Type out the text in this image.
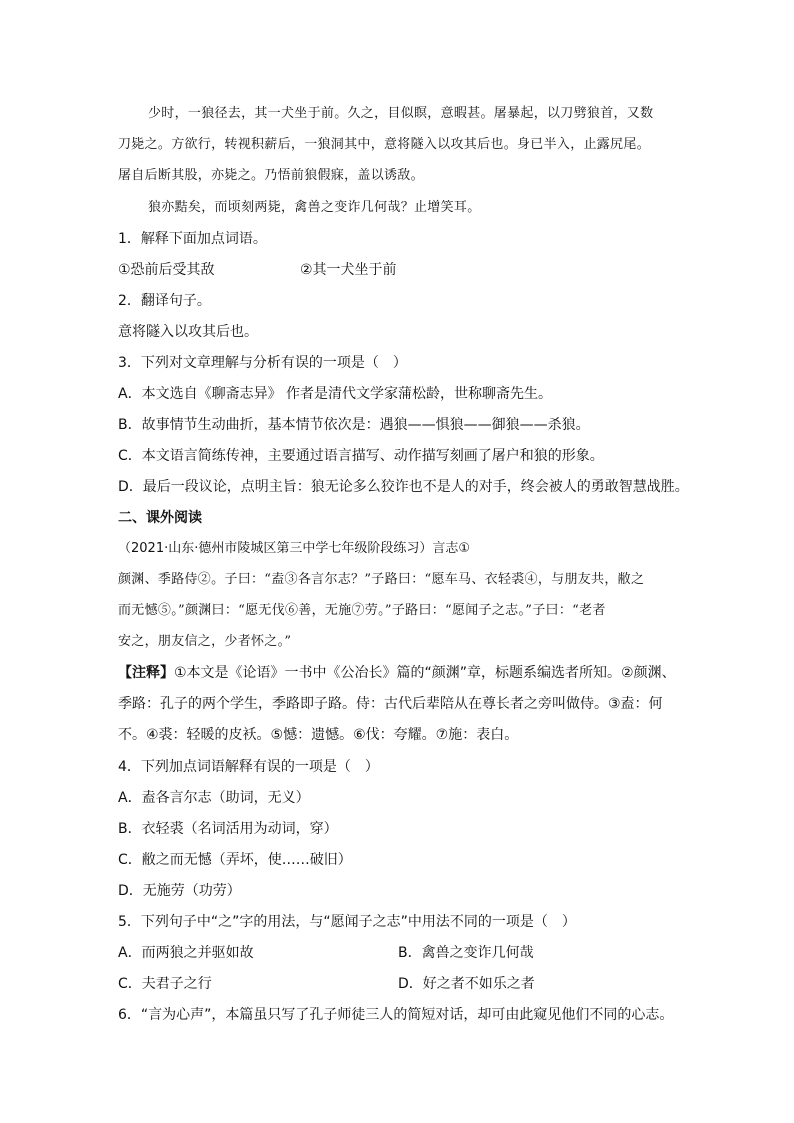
少时，一狼径去，其一犬坐于前。久之，目似瞑，意暇甚。屠暴起，以刀劈狼首，又数
刀毙之。方欲行，转视积薪后，一狼洞其中，意将隧入以攻其后也。身已半入，止露尻尾。
屠自后断其股，亦毙之。乃悟前狼假寐，盖以诱敌。
狼亦黠矣，而顷刻两毙，禽兽之变诈几何哉？止增笑耳。
1．解释下面加点词语。
①恐前后受其敌	②其一犬坐于前
2．翻译句子。
意将隧入以攻其后也。
3．下列对文章理解与分析有误的一项是（　）
A．本文选自《聊斋志异》 作者是清代文学家蒲松龄，世称聊斋先生。
B．故事情节生动曲折，基本情节依次是：遇狼——惧狼——御狼——杀狼。
C．本文语言简练传神，主要通过语言描写、动作描写刻画了屠户和狼的形象。
D．最后一段议论，点明主旨：狼无论多么狡诈也不是人的对手，终会被人的勇敢智慧战胜。
二、课外阅读
（2021·山东·德州市陵城区第三中学七年级阶段练习）言志①
颜渊、季路侍②。子曰：“盍③各言尔志？”子路曰：“愿车马、衣轻裘④，与朋友共，敝之
而无憾⑤。”颜渊曰：“愿无伐⑥善，无施⑦劳。”子路曰：“愿闻子之志。”子曰：“老者
安之，朋友信之，少者怀之。”
【注释】①本文是《论语》一书中《公冶长》篇的“颜渊”章，标题系编选者所知。②颜渊、
季路：孔子的两个学生，季路即子路。侍：古代后辈陪从在尊长者之旁叫做侍。③盍：何
不。④裘：轻暖的皮袄。⑤憾：遗憾。⑥伐：夸耀。⑦施：表白。
4．下列加点词语解释有误的一项是（　）
A．盍各言尔志（助词，无义）
B．衣轻裘（名词活用为动词，穿）
C．敝之而无憾（弄坏，使……破旧）
D．无施劳（功劳）
5．下列句子中“之”字的用法，与“愿闻子之志”中用法不同的一项是（　）
A．而两狼之并驱如故	B．禽兽之变诈几何哉
C．夫君子之行	D．好之者不如乐之者
6．“言为心声”，本篇虽只写了孔子师徒三人的简短对话，却可由此窥见他们不同的心志。
